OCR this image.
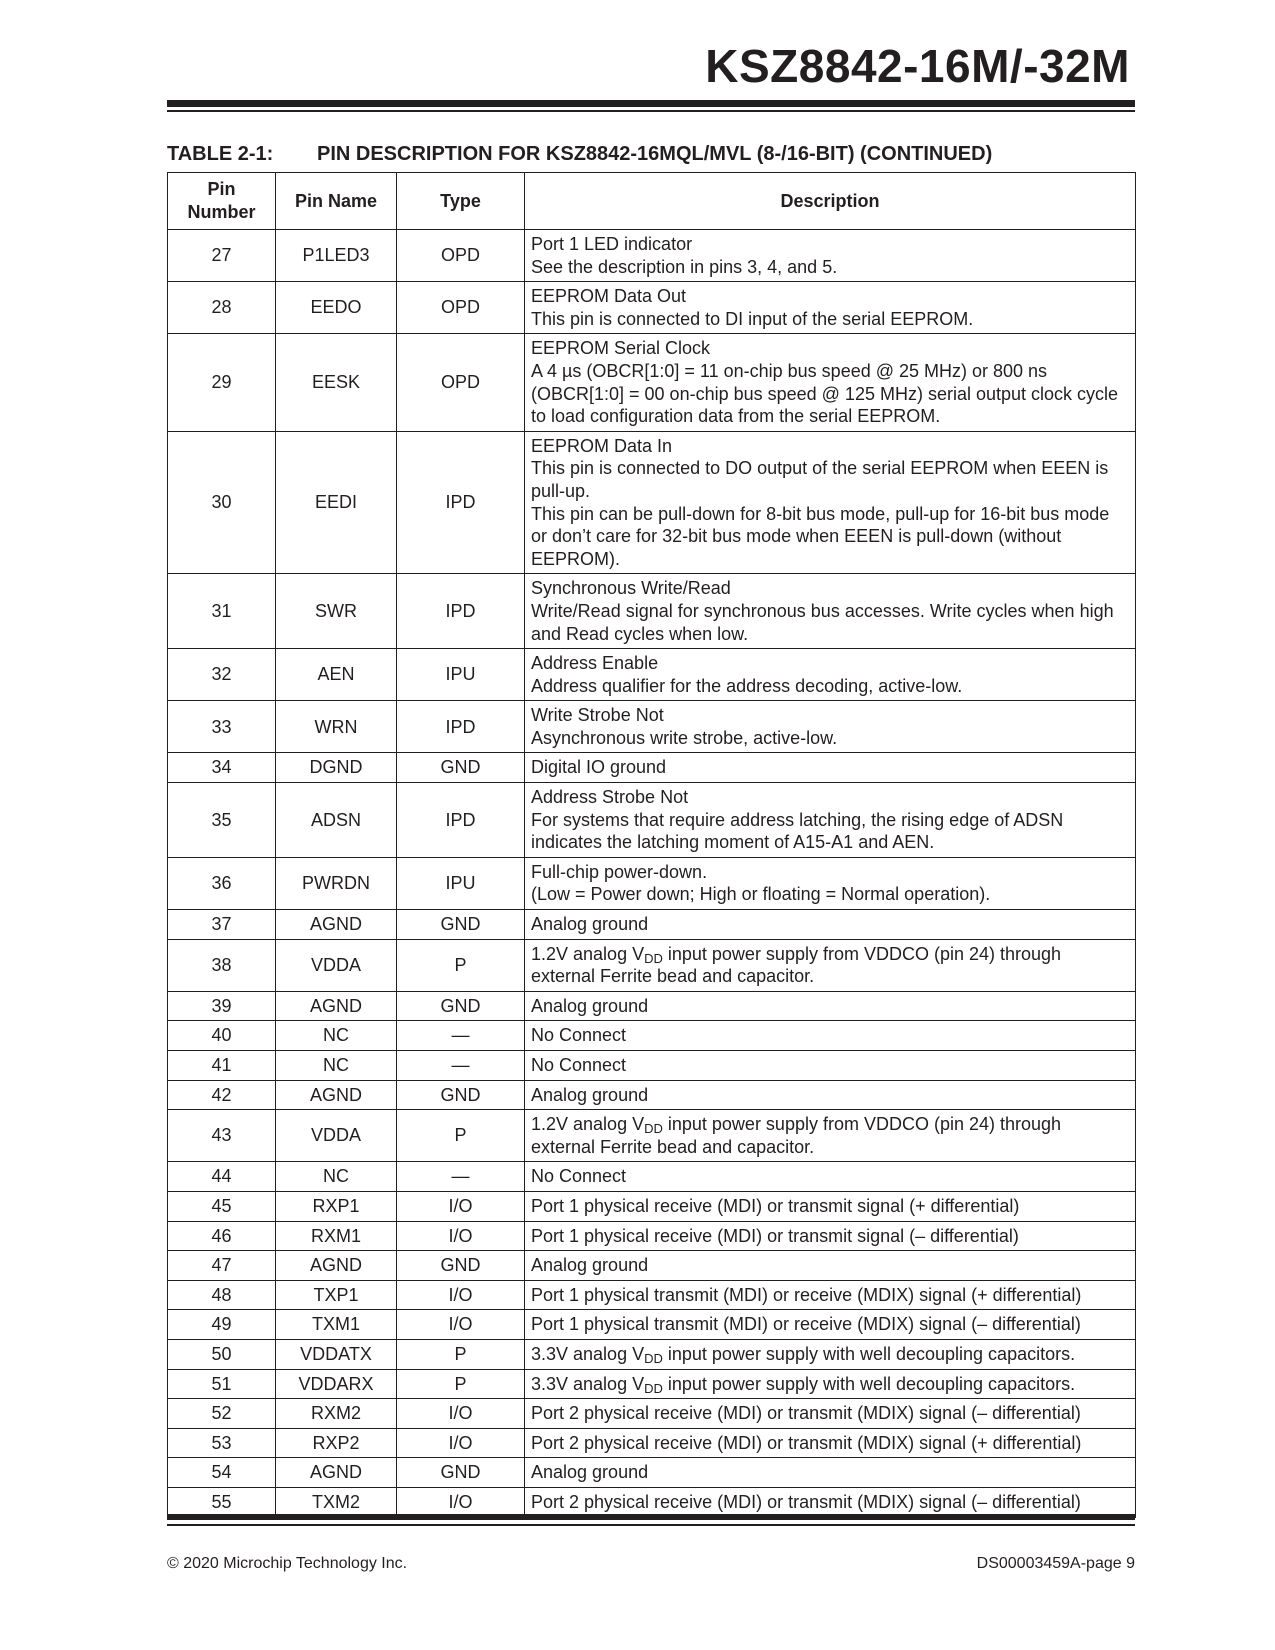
KSZ8842-16M/-32M
TABLE 2-1: PIN DESCRIPTION FOR KSZ8842-16MQL/MVL (8-/16-BIT) (CONTINUED)
Pin Number	Pin Name	Type	Description
27	P1LED3	OPD	Port 1 LED indicator
See the description in pins 3, 4, and 5.

28	EEDO	OPD	EEPROM Data Out
This pin is connected to DI input of the serial EEPROM.

29	EESK	OPD	EEPROM Serial Clock
A 4 µs (OBCR[1:0] = 11 on-chip bus speed @ 25 MHz) or 800 ns (OBCR[1:0] = 00 on-chip bus speed @ 125 MHz) serial output clock cycle to load configuration data from the serial EEPROM.

30	EEDI	IPD	EEPROM Data In
This pin is connected to DO output of the serial EEPROM when EEEN is pull-up.
This pin can be pull-down for 8-bit bus mode, pull-up for 16-bit bus mode or don’t care for 32-bit bus mode when EEEN is pull-down (without EEPROM).

31	SWR	IPD	Synchronous Write/Read
Write/Read signal for synchronous bus accesses. Write cycles when high and Read cycles when low.

32	AEN	IPU	Address Enable
Address qualifier for the address decoding, active-low.

33	WRN	IPD	Write Strobe Not
Asynchronous write strobe, active-low.

34	DGND	GND	Digital IO ground

35	ADSN	IPD	Address Strobe Not
For systems that require address latching, the rising edge of ADSN indicates the latching moment of A15-A1 and AEN.

36	PWRDN	IPU	Full-chip power-down.
(Low = Power down; High or floating = Normal operation).

37	AGND	GND	Analog ground

38	VDDA	P	1.2V analog $V_{DD}$ input power supply from VDDCO (pin 24) through external Ferrite bead and capacitor.
39	AGND	GND	Analog ground

40	NC	—	No Connect

41	NC	—	No Connect

42	AGND	GND	Analog ground

43	VDDA	P	1.2V analog $V_{DD}$ input power supply from VDDCO (pin 24) through external Ferrite bead and capacitor.
44	NC	—	No Connect

45	RXP1	I/O	Port 1 physical receive (MDI) or transmit signal (+ differential)

46	RXM1	I/O	Port 1 physical receive (MDI) or transmit signal (– differential)

47	AGND	GND	Analog ground

48	TXP1	I/O	Port 1 physical transmit (MDI) or receive (MDIX) signal (+ differential)

49	TXM1	I/O	Port 1 physical transmit (MDI) or receive (MDIX) signal (– differential)

50	VDDATX	P	3.3V analog $V_{DD}$ input power supply with well decoupling capacitors.
51	VDDARX	P	3.3V analog $V_{DD}$ input power supply with well decoupling capacitors.
52	RXM2	I/O	Port 2 physical receive (MDI) or transmit (MDIX) signal (– differential)

53	RXP2	I/O	Port 2 physical receive (MDI) or transmit (MDIX) signal (+ differential)

54	AGND	GND	Analog ground

55	TXM2	I/O	Port 2 physical receive (MDI) or transmit (MDIX) signal (– differential)
© 2020 Microchip Technology Inc.	DS00003459A-page 9
